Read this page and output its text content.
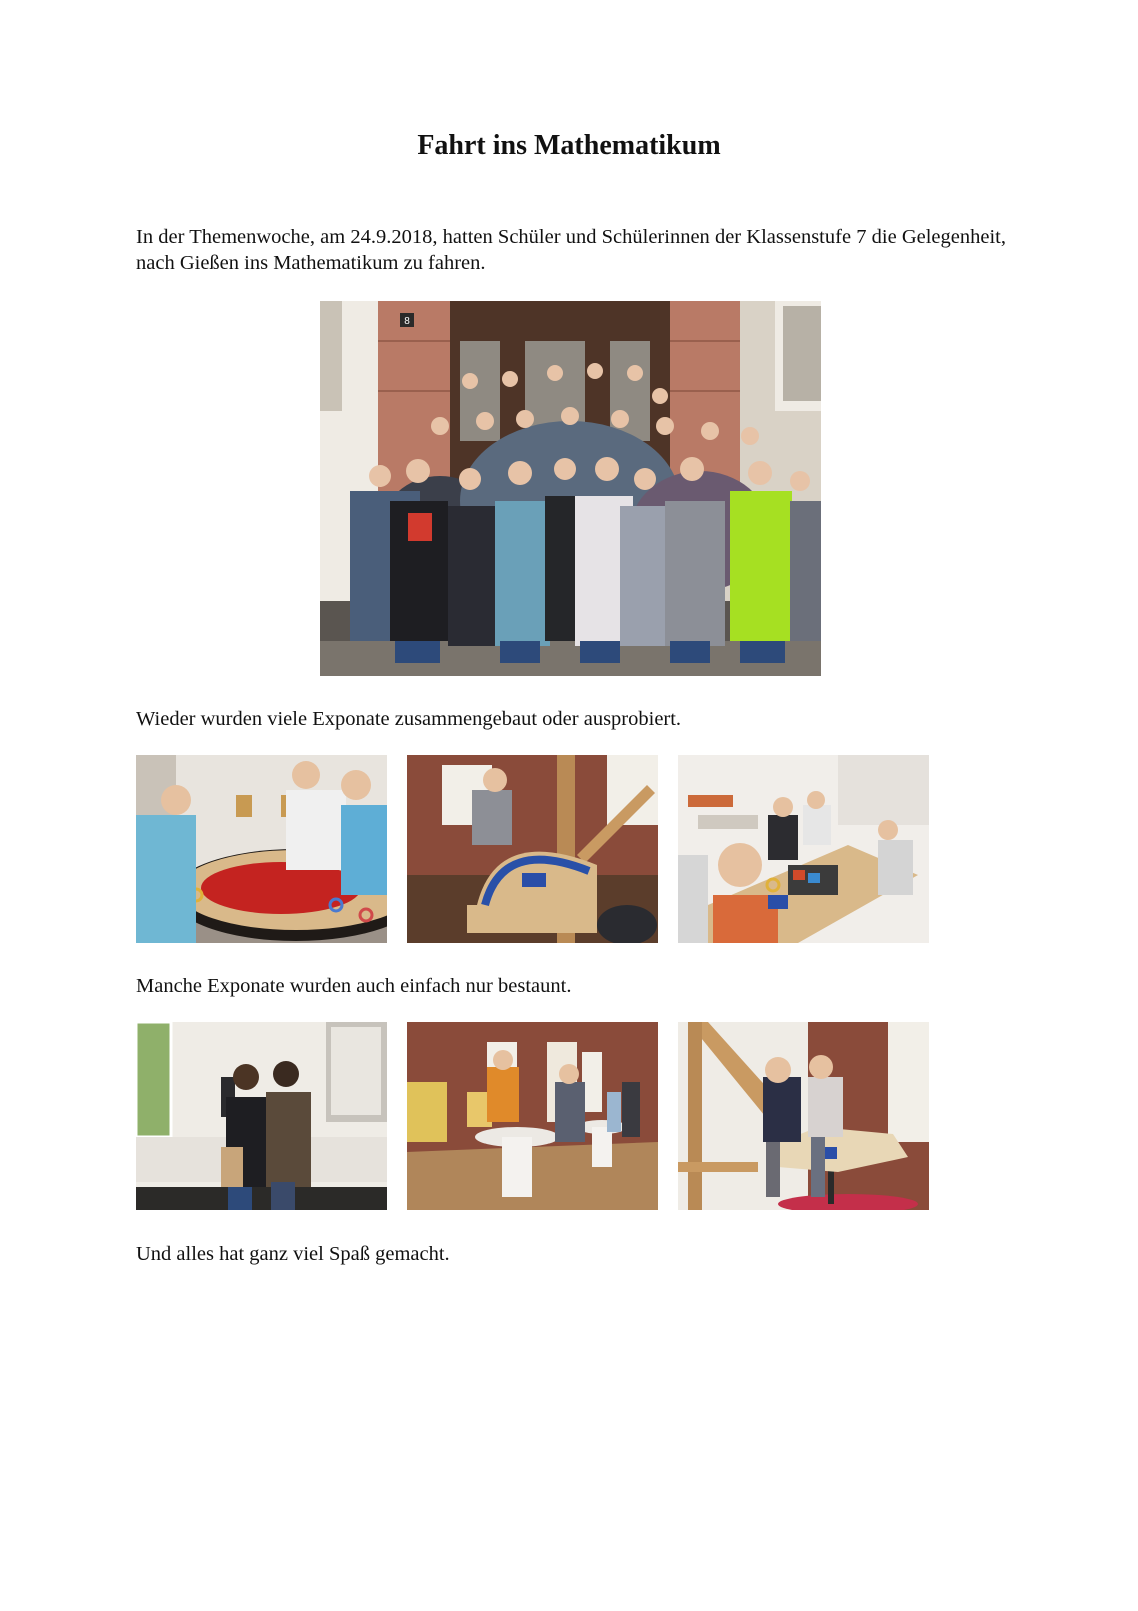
Fahrt ins Mathematikum

In der Themenwoche, am 24.9.2018, hatten Schüler und Schülerinnen der Klassenstufe 7 die Gelegenheit, nach Gießen ins Mathematikum zu fahren.

8

Wieder wurden viele Exponate zusammengebaut oder ausprobiert.

Manche Exponate wurden auch einfach nur bestaunt.

Und alles hat ganz viel Spaß gemacht.
